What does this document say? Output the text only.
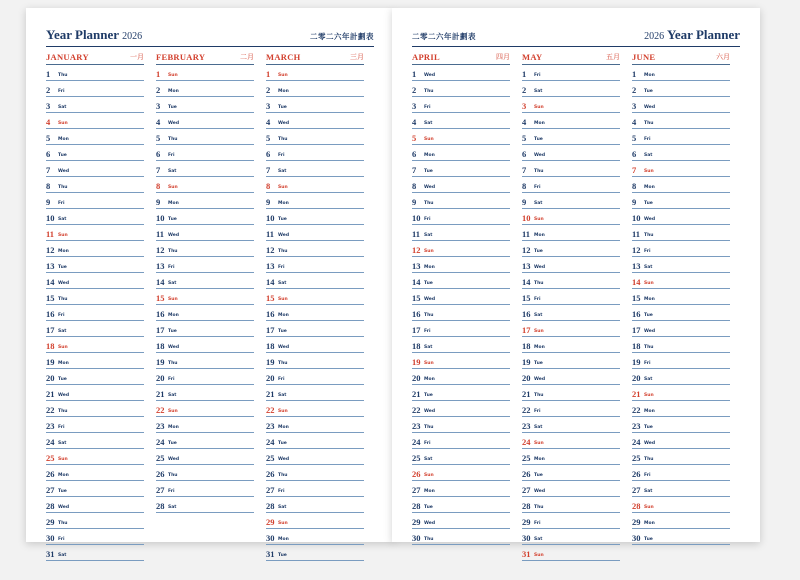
Year Planner 2026	二零二六年計劃表
JANUARY	一月
1	Thu
2	Fri
3	Sat
4	Sun
5	Mon
6	Tue
7	Wed
8	Thu
9	Fri
10 Sat
11 Sun
12 Mon
13 Tue
14 Wed
15 Thu
16 Fri
17 Sat
18 Sun
19 Mon
20 Tue
21 Wed
22 Thu
23 Fri
24 Sat
25 Sun
26 Mon
27 Tue
28 Wed
29 Thu
30 Fri
31 Sat
FEBRUARY	二月
1	Sun
2	Mon
3	Tue
4	Wed
5	Thu
6	Fri
7	Sat
8	Sun
9	Mon
10 Tue
11 Wed
12 Thu
13 Fri
14 Sat
15 Sun
16 Mon
17 Tue
18 Wed
19 Thu
20 Fri
21 Sat
22 Sun
23 Mon
24 Tue
25 Wed
26 Thu
27 Fri
28 Sat
MARCH	三月
1	Sun
2	Mon
3	Tue
4	Wed
5	Thu
6	Fri
7	Sat
8	Sun
9	Mon
10 Tue
11 Wed
12 Thu
13 Fri
14 Sat
15 Sun
16 Mon
17 Tue
18 Wed
19 Thu
20 Fri
21 Sat
22 Sun
23 Mon
24 Tue
25 Wed
26 Thu
27 Fri
28 Sat
29 Sun
30 Mon
31 Tue
二零二六年計劃表	2026 Year Planner
APRIL	四月
1	Wed
2	Thu
3	Fri
4	Sat
5	Sun
6	Mon
7	Tue
8	Wed
9	Thu
10 Fri
11 Sat
12 Sun
13 Mon
14 Tue
15 Wed
16 Thu
17 Fri
18 Sat
19 Sun
20 Mon
21 Tue
22 Wed
23 Thu
24 Fri
25 Sat
26 Sun
27 Mon
28 Tue
29 Wed
30 Thu
MAY	五月
1	Fri
2	Sat
3	Sun
4	Mon
5	Tue
6	Wed
7	Thu
8	Fri
9	Sat
10 Sun
11 Mon
12 Tue
13 Wed
14 Thu
15 Fri
16 Sat
17 Sun
18 Mon
19 Tue
20 Wed
21 Thu
22 Fri
23 Sat
24 Sun
25 Mon
26 Tue
27 Wed
28 Thu
29 Fri
30 Sat
31 Sun
JUNE	六月
1	Mon
2	Tue
3	Wed
4	Thu
5	Fri
6	Sat
7	Sun
8	Mon
9	Tue
10 Wed
11 Thu
12 Fri
13 Sat
14 Sun
15 Mon
16 Tue
17 Wed
18 Thu
19 Fri
20 Sat
21 Sun
22 Mon
23 Tue
24 Wed
25 Thu
26 Fri
27 Sat
28 Sun
29 Mon
30 Tue
